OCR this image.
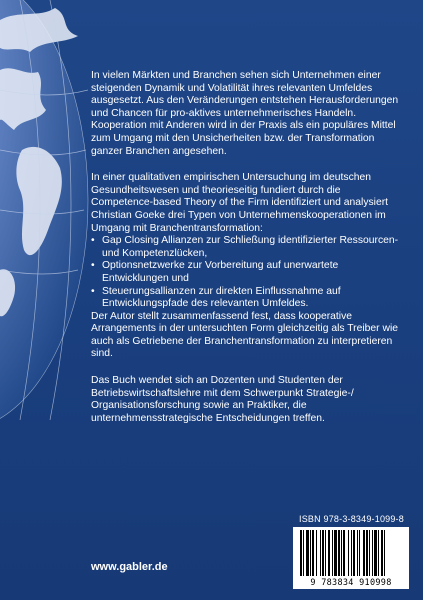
In vielen Märkten und Branchen sehen sich Unternehmen einer steigenden Dynamik und Volatilität ihres relevanten Umfeldes ausgesetzt. Aus den Veränderungen entstehen Herausforderungen und Chancen für pro-aktives unternehmerisches Handeln. Kooperation mit Anderen wird in der Praxis als ein populäres Mittel zum Umgang mit den Unsicherheiten bzw. der Transformation ganzer Branchen angesehen.

In einer qualitativen empirischen Untersuchung im deutschen Gesundheitswesen und theorieseitig fundiert durch die Competence-based Theory of the Firm identifiziert und analysiert Christian Goeke drei Typen von Unternehmenskooperationen im Umgang mit Branchentransformation:

• Gap Closing Allianzen zur Schließung identifizierter Ressourcen- und Kompetenzlücken,
• Optionsnetzwerke zur Vorbereitung auf unerwartete Entwicklungen und
• Steuerungsallianzen zur direkten Einflussnahme auf Entwicklungspfade des relevanten Umfeldes.

Der Autor stellt zusammenfassend fest, dass kooperative Arrangements in der untersuchten Form gleichzeitig als Treiber wie auch als Getriebene der Branchentransformation zu interpretieren sind.

Das Buch wendet sich an Dozenten und Studenten der Betriebswirtschaftslehre mit dem Schwerpunkt Strategie-/ Organisationsforschung sowie an Praktiker, die unternehmensstrategische Entscheidungen treffen.

ISBN 978-3-8349-1099-8
9 783834 910998
www.gabler.de
